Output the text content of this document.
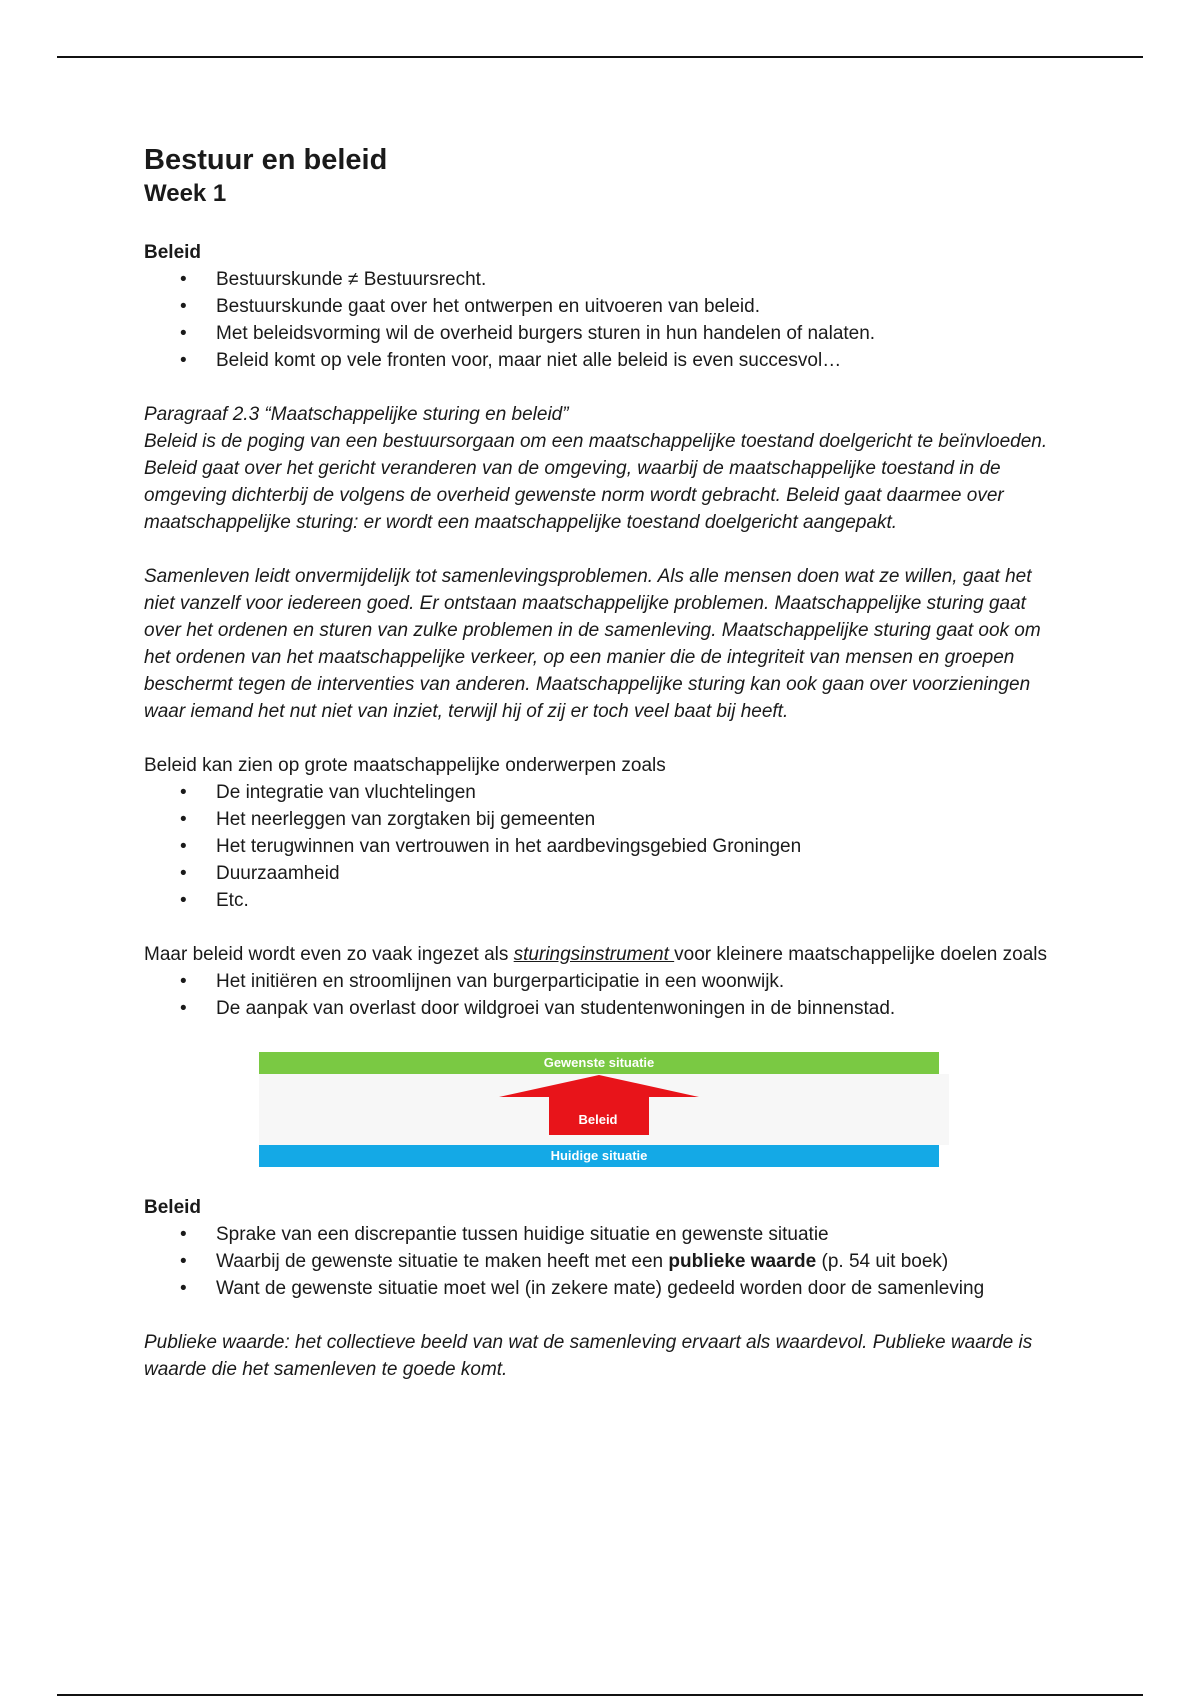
Bestuur en beleid
Week 1

Beleid

• Bestuurskunde ≠ Bestuursrecht.
• Bestuurskunde gaat over het ontwerpen en uitvoeren van beleid.
• Met beleidsvorming wil de overheid burgers sturen in hun handelen of nalaten.
• Beleid komt op vele fronten voor, maar niet alle beleid is even succesvol…

Paragraaf 2.3 “Maatschappelijke sturing en beleid”

Beleid is de poging van een bestuursorgaan om een maatschappelijke toestand doelgericht te beïnvloeden. Beleid gaat over het gericht veranderen van de omgeving, waarbij de maatschappelijke toestand in de omgeving dichterbij de volgens de overheid gewenste norm wordt gebracht. Beleid gaat daarmee over maatschappelijke sturing: er wordt een maatschappelijke toestand doelgericht aangepakt.

Samenleven leidt onvermijdelijk tot samenlevingsproblemen. Als alle mensen doen wat ze willen, gaat het niet vanzelf voor iedereen goed. Er ontstaan maatschappelijke problemen. Maatschappelijke sturing gaat over het ordenen en sturen van zulke problemen in de samenleving. Maatschappelijke sturing gaat ook om het ordenen van het maatschappelijke verkeer, op een manier die de integriteit van mensen en groepen beschermt tegen de interventies van anderen. Maatschappelijke sturing kan ook gaan over voorzieningen waar iemand het nut niet van inziet, terwijl hij of zij er toch veel baat bij heeft.

Beleid kan zien op grote maatschappelijke onderwerpen zoals

• De integratie van vluchtelingen
• Het neerleggen van zorgtaken bij gemeenten
• Het terugwinnen van vertrouwen in het aardbevingsgebied Groningen
• Duurzaamheid
• Etc.

Maar beleid wordt even zo vaak ingezet als sturingsinstrument voor kleinere maatschappelijke doelen zoals

• Het initiëren en stroomlijnen van burgerparticipatie in een woonwijk.
• De aanpak van overlast door wildgroei van studentenwoningen in de binnenstad.
Gewenste situatie
Beleid
Huidige situatie

Beleid

• Sprake van een discrepantie tussen huidige situatie en gewenste situatie
• Waarbij de gewenste situatie te maken heeft met een publieke waarde (p. 54 uit boek)
• Want de gewenste situatie moet wel (in zekere mate) gedeeld worden door de samenleving

Publieke waarde: het collectieve beeld van wat de samenleving ervaart als waardevol. Publieke waarde is waarde die het samenleven te goede komt.
